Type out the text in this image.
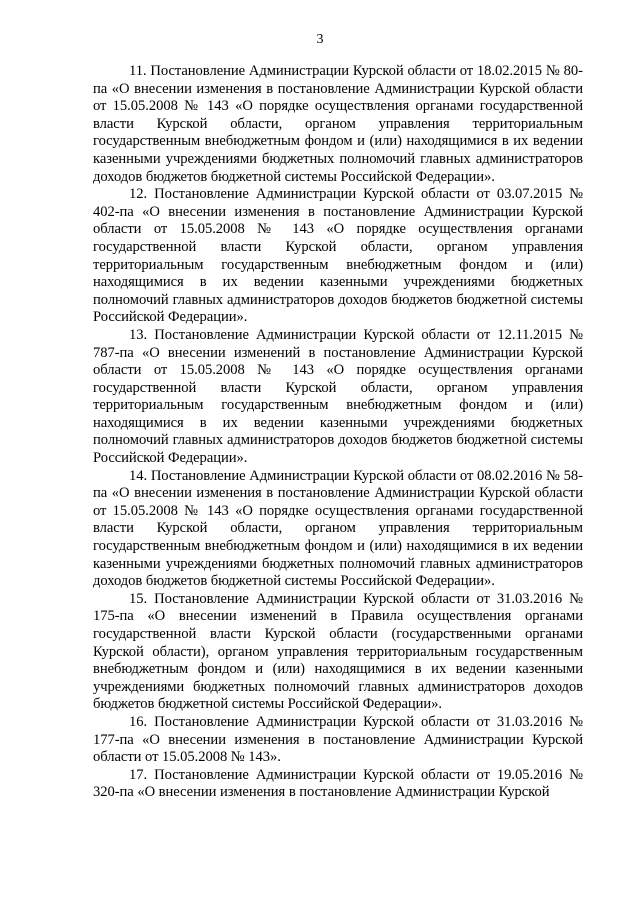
3

11. Постановление Администрации Курской области от 18.02.2015 № 80-па «О внесении изменения в постановление Администрации Курской области от 15.05.2008 № 143 «О порядке осуществления органами государственной власти Курской области, органом управления территориальным государственным внебюджетным фондом и (или) находящимися в их ведении казенными учреждениями бюджетных полномочий главных администраторов доходов бюджетов бюджетной системы Российской Федерации».

12. Постановление Администрации Курской области от 03.07.2015 № 402-па «О внесении изменения в постановление Администрации Курской области от 15.05.2008 № 143 «О порядке осуществления органами государственной власти Курской области, органом управления территориальным государственным внебюджетным фондом и (или) находящимися в их ведении казенными учреждениями бюджетных полномочий главных администраторов доходов бюджетов бюджетной системы Российской Федерации».

13. Постановление Администрации Курской области от 12.11.2015 № 787-па «О внесении изменений в постановление Администрации Курской области от 15.05.2008 № 143 «О порядке осуществления органами государственной власти Курской области, органом управления территориальным государственным внебюджетным фондом и (или) находящимися в их ведении казенными учреждениями бюджетных полномочий главных администраторов доходов бюджетов бюджетной системы Российской Федерации».

14. Постановление Администрации Курской области от 08.02.2016 № 58-па «О внесении изменения в постановление Администрации Курской области от 15.05.2008 № 143 «О порядке осуществления органами государственной власти Курской области, органом управления территориальным государственным внебюджетным фондом и (или) находящимися в их ведении казенными учреждениями бюджетных полномочий главных администраторов доходов бюджетов бюджетной системы Российской Федерации».

15. Постановление Администрации Курской области от 31.03.2016 № 175-па «О внесении изменений в Правила осуществления органами государственной власти Курской области (государственными органами Курской области), органом управления территориальным государственным внебюджетным фондом и (или) находящимися в их ведении казенными учреждениями бюджетных полномочий главных администраторов доходов бюджетов бюджетной системы Российской Федерации».

16. Постановление Администрации Курской области от 31.03.2016 № 177-па «О внесении изменения в постановление Администрации Курской области от 15.05.2008 № 143».

17. Постановление Администрации Курской области от 19.05.2016 № 320-па «О внесении изменения в постановление Администрации Курской
